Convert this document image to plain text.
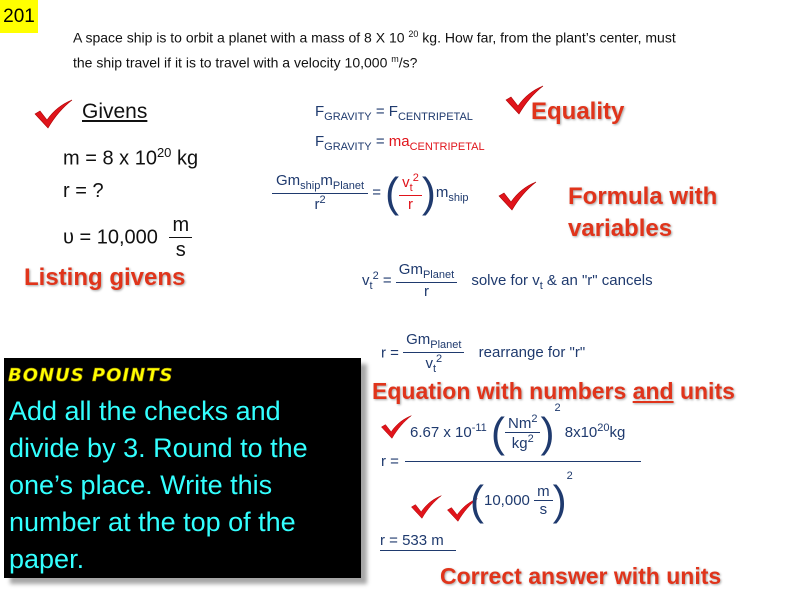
201
A space ship is to orbit a planet with a mass of 8 X 10 $^{20}$ kg. How far, from the plant’s center, must
the ship travel if it is to travel with a velocity 10,000 $^m$/s?
Givens
m = 8 x $10^{20}$ kg
r = ?
$\upsilon = 10,000 \frac{m}{s}$
Listing givens
$F_{GRAVITY} = F_{CENTRIPETAL}$
$F_{GRAVITY} = ma_{CENTRIPETAL}$
Equality
$\frac{Gm_{ship}m_{Planet}}{r^2}$ = ( $\frac{v_t^2}{r} )m_{ship}$	Formula with
variables
$v_t^2 = \frac{Gm_{Planet}}{r}$ solve for $v_t$ & an "r" cancels
$r = \frac{Gm_{Planet}}{v_t^2}$ rearrange for "r"
Equation with numbers and units
6.67 x $10^{-11}$ ( $\frac{Nm^2}{kg^2} )^2$ $8x10^{20}kg$
r =
$(10,000 \frac{m}{s} )^2$
r = 533 m
Correct answer with units
BONUS POINTS
Add all the checks and divide by 3. Round to the one’s place. Write this number at the top of the paper.
